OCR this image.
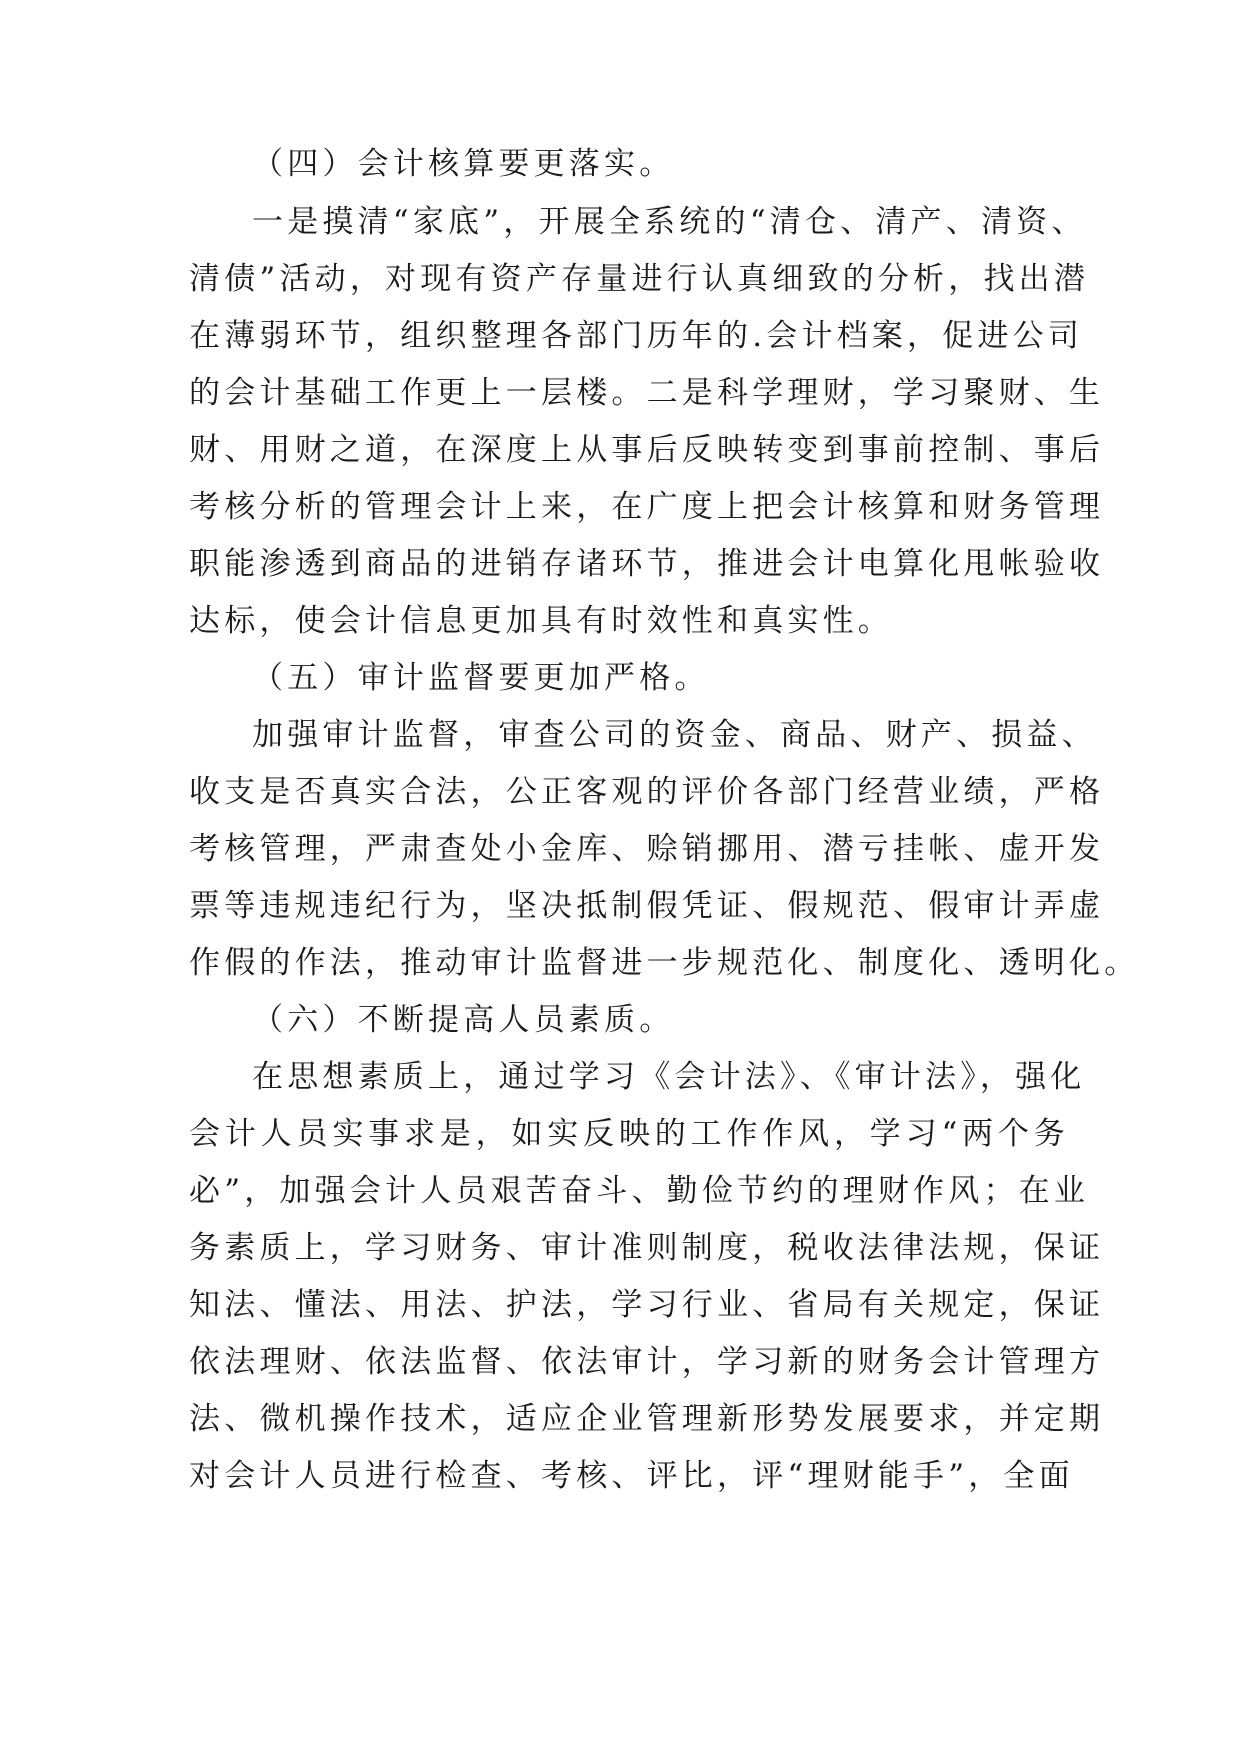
（四）会计核算要更落实。
一是摸清“家底”，开展全系统的“清仓、清产、清资、
清债”活动，对现有资产存量进行认真细致的分析，找出潜
在薄弱环节，组织整理各部门历年的.会计档案，促进公司
的会计基础工作更上一层楼。二是科学理财，学习聚财、生
财、用财之道，在深度上从事后反映转变到事前控制、事后
考核分析的管理会计上来，在广度上把会计核算和财务管理
职能渗透到商品的进销存诸环节，推进会计电算化甩帐验收
达标，使会计信息更加具有时效性和真实性。
（五）审计监督要更加严格。
加强审计监督，审查公司的资金、商品、财产、损益、
收支是否真实合法，公正客观的评价各部门经营业绩，严格
考核管理，严肃查处小金库、赊销挪用、潜亏挂帐、虚开发
票等违规违纪行为，坚决抵制假凭证、假规范、假审计弄虚
作假的作法，推动审计监督进一步规范化、制度化、透明化。
（六）不断提高人员素质。
在思想素质上，通过学习《会计法》、《审计法》，强化
会计人员实事求是，如实反映的工作作风，学习“两个务
必”，加强会计人员艰苦奋斗、勤俭节约的理财作风；在业
务素质上，学习财务、审计准则制度，税收法律法规，保证
知法、懂法、用法、护法，学习行业、省局有关规定，保证
依法理财、依法监督、依法审计，学习新的财务会计管理方
法、微机操作技术，适应企业管理新形势发展要求，并定期
对会计人员进行检查、考核、评比，评“理财能手”，全面
